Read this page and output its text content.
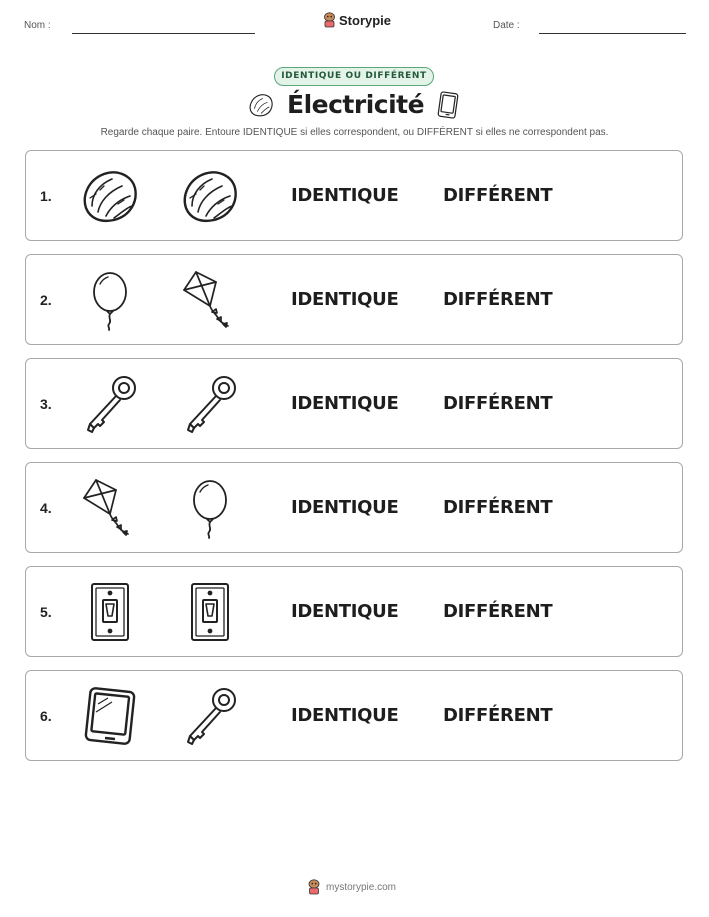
Nom :	Storypie	Date :
IDENTIQUE OU DIFFÉRENT
Électricité
Regarde chaque paire. Entoure IDENTIQUE si elles correspondent, ou DIFFÉRENT si elles ne correspondent pas.
1.	IDENTIQUE DIFFÉRENT
2.	IDENTIQUE DIFFÉRENT
3.	IDENTIQUE DIFFÉRENT
4.	IDENTIQUE DIFFÉRENT
5.	IDENTIQUE DIFFÉRENT
6.	IDENTIQUE DIFFÉRENT
mystorypie.com
